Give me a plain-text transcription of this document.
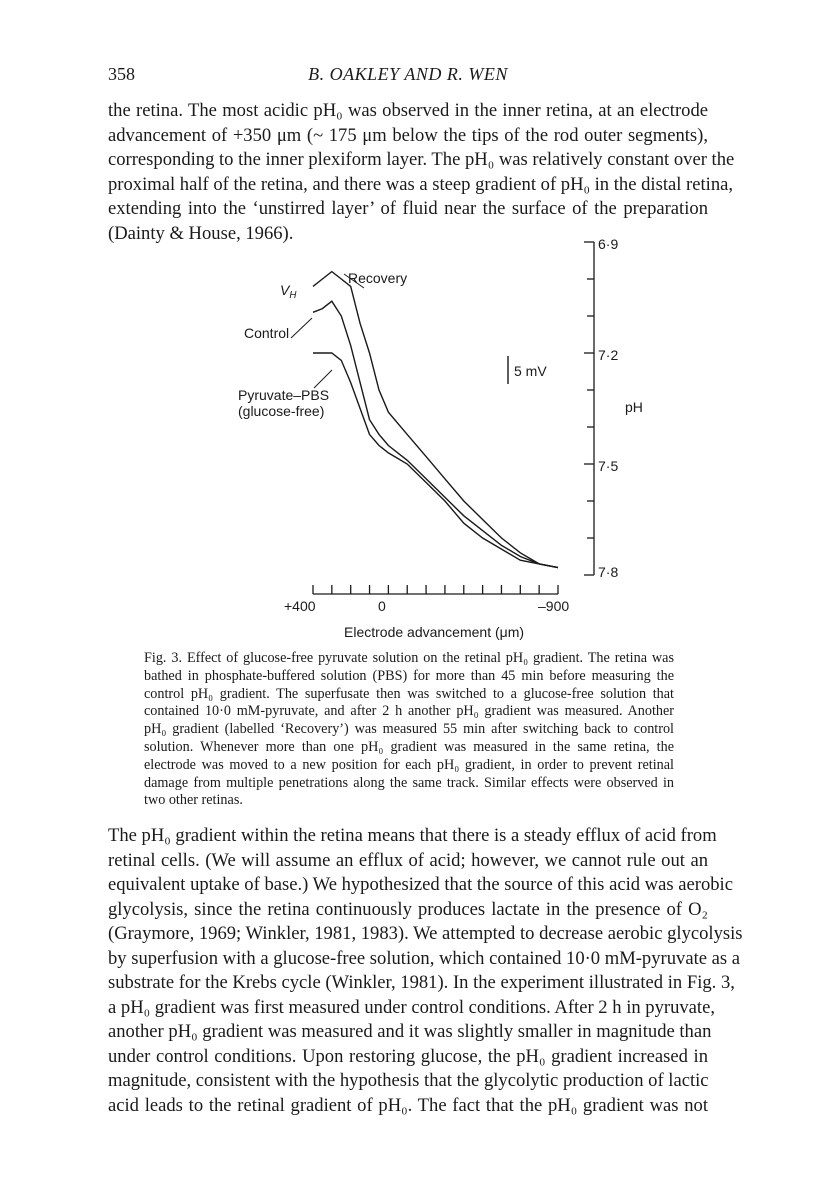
358	B. OAKLEY AND R. WEN

the retina. The most acidic pH₀ was observed in the inner retina, at an electrode
advancement of +350 μm (~ 175 μm below the tips of the rod outer segments),
corresponding to the inner plexiform layer. The pH₀ was relatively constant over the
proximal half of the retina, and there was a steep gradient of pH₀ in the distal retina,
extending into the ‘unstirred layer’ of fluid near the surface of the preparation
(Dainty & House, 1966).

$V_H$
Recovery
Control
Pyruvate–PBS
(glucose-free)
5 mV
pH
6·9
7·2
7·5
7·8
+400	0	–900
Electrode advancement (μm)

Fig. 3. Effect of glucose-free pyruvate solution on the retinal pH₀ gradient. The retina was
bathed in phosphate-buffered solution (PBS) for more than 45 min before measuring the
control pH₀ gradient. The superfusate then was switched to a glucose-free solution that
contained 10·0 mM-pyruvate, and after 2 h another pH₀ gradient was measured. Another
pH₀ gradient (labelled ‘Recovery’) was measured 55 min after switching back to control
solution. Whenever more than one pH₀ gradient was measured in the same retina, the
electrode was moved to a new position for each pH₀ gradient, in order to prevent retinal
damage from multiple penetrations along the same track. Similar effects were observed in
two other retinas.

The pH₀ gradient within the retina means that there is a steady efflux of acid from
retinal cells. (We will assume an efflux of acid; however, we cannot rule out an
equivalent uptake of base.) We hypothesized that the source of this acid was aerobic
glycolysis, since the retina continuously produces lactate in the presence of O₂
(Graymore, 1969; Winkler, 1981, 1983). We attempted to decrease aerobic glycolysis
by superfusion with a glucose-free solution, which contained 10·0 mM-pyruvate as a
substrate for the Krebs cycle (Winkler, 1981). In the experiment illustrated in Fig. 3,
a pH₀ gradient was first measured under control conditions. After 2 h in pyruvate,
another pH₀ gradient was measured and it was slightly smaller in magnitude than
under control conditions. Upon restoring glucose, the pH₀ gradient increased in
magnitude, consistent with the hypothesis that the glycolytic production of lactic
acid leads to the retinal gradient of pH₀. The fact that the pH₀ gradient was not
